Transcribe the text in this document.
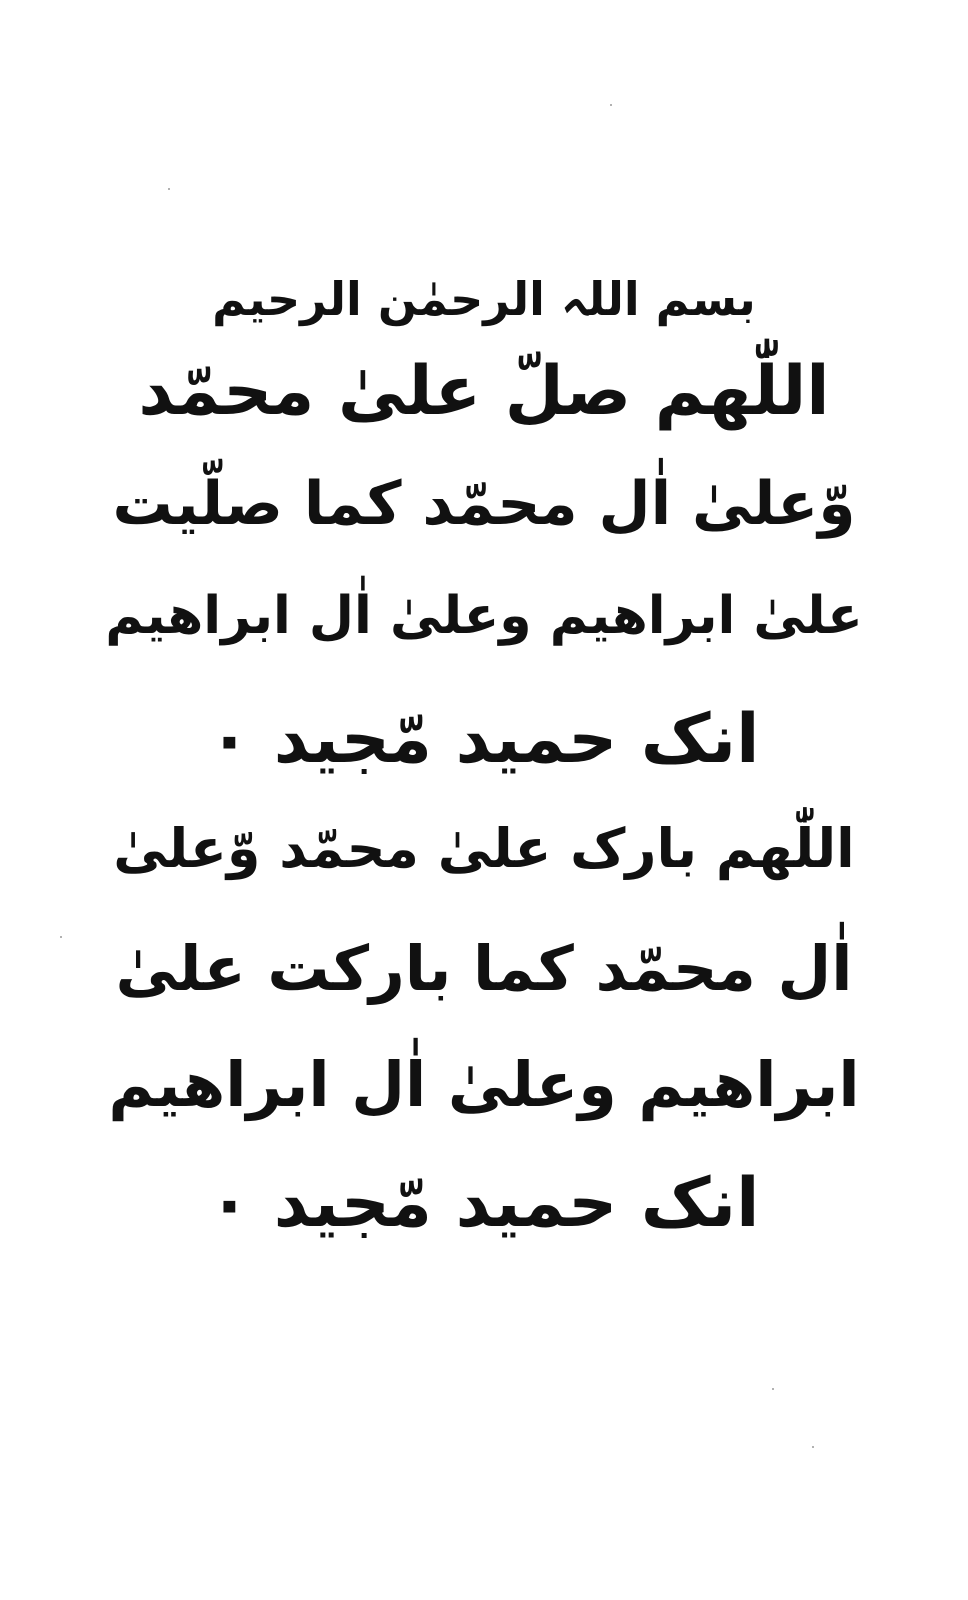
بسم اللہ الرحمٰن الرحیم
اللّٰھم صلّ علیٰ محمّد
وّعلیٰ اٰل محمّد کما صلّیت
علیٰ ابراھیم وعلیٰ اٰل ابراھیم
انک حمید مّجید ۰
اللّٰھم بارک علیٰ محمّد وّعلیٰ
اٰل محمّد کما بارکت علیٰ
ابراھیم وعلیٰ اٰل ابراھیم
انک حمید مّجید ۰
